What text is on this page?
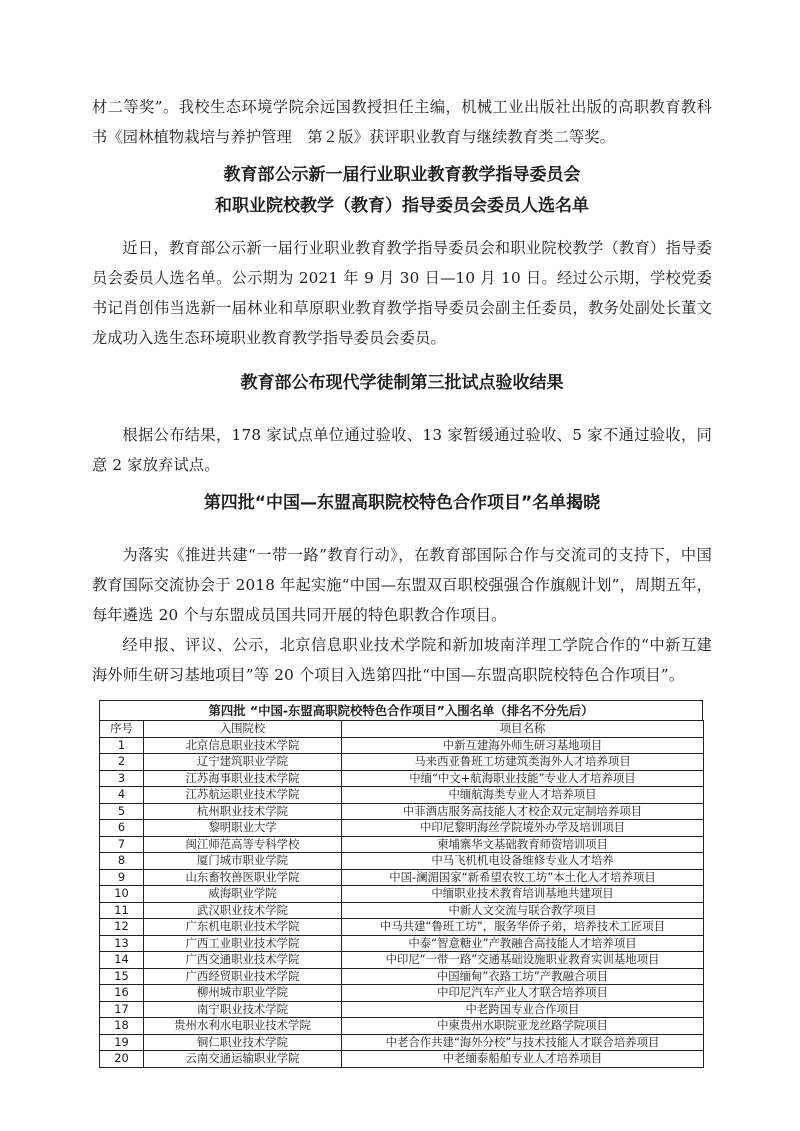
材二等奖”。我校生态环境学院余远国教授担任主编，机械工业出版社出版的高职教育教科书《园林植物栽培与养护管理　第２版》获评职业教育与继续教育类二等奖。

教育部公示新一届行业职业教育教学指导委员会
和职业院校教学（教育）指导委员会委员人选名单

近日，教育部公示新一届行业职业教育教学指导委员会和职业院校教学（教育）指导委员会委员人选名单。公示期为 2021 年 9 月 30 日—10 月 10 日。经过公示期，学校党委书记肖创伟当选新一届林业和草原职业教育教学指导委员会副主任委员，教务处副处长董文龙成功入选生态环境职业教育教学指导委员会委员。

教育部公布现代学徒制第三批试点验收结果

根据公布结果，178 家试点单位通过验收、13 家暂缓通过验收、5 家不通过验收，同意 2 家放弃试点。

第四批“中国—东盟高职院校特色合作项目”名单揭晓

为落实《推进共建“一带一路”教育行动》，在教育部国际合作与交流司的支持下，中国教育国际交流协会于 2018 年起实施“中国—东盟双百职校强强合作旗舰计划”，周期五年，每年遴选 20 个与东盟成员国共同开展的特色职教合作项目。

经申报、评议、公示，北京信息职业技术学院和新加坡南洋理工学院合作的“中新互建海外师生研习基地项目”等 20 个项目入选第四批“中国—东盟高职院校特色合作项目”。

第四批 “中国-东盟高职院校特色合作项目”入围名单（排名不分先后）
序号	入围院校	项目名称
1	北京信息职业技术学院	中新互建海外师生研习基地项目
2	辽宁建筑职业学院	马来西亚鲁班工坊建筑类海外人才培养项目
3	江苏海事职业技术学院	中缅“中文+航海职业技能”专业人才培养项目
4	江苏航运职业技术学院	中缅航海类专业人才培养项目
5	杭州职业技术学院	中菲酒店服务高技能人才校企双元定制培养项目
6	黎明职业大学	中印尼黎明海丝学院境外办学及培训项目
7	闽江师范高等专科学校	柬埔寨华文基础教育师资培训项目
8	厦门城市职业学院	中马飞机机电设备维修专业人才培养
9	山东畜牧兽医职业学院	中国-澜湄国家“新希望农牧工坊”本土化人才培养项目
10	威海职业学院	中缅职业技术教育培训基地共建项目
11	武汉职业技术学院	中新人文交流与联合教学项目
12	广东机电职业技术学院	中马共建“鲁班工坊”，服务华侨子弟，培养技术工匠项目
13	广西工业职业技术学院	中泰“智意糖业”产教融合高技能人才培养项目
14	广西交通职业技术学院	中印尼“一带一路”交通基础设施职业教育实训基地项目
15	广西经贸职业技术学院	中国缅甸”衣路工坊”产教融合项目
16	柳州城市职业学院	中印尼汽车产业人才联合培养项目
17	南宁职业技术学院	中老跨国专业合作项目
18	贵州水利水电职业技术学院	中柬贵州水职院亚龙丝路学院项目
19	铜仁职业技术学院	中老合作共建“海外分校”与技术技能人才联合培养项目
20	云南交通运输职业学院	中老缅泰船舶专业人才培养项目
